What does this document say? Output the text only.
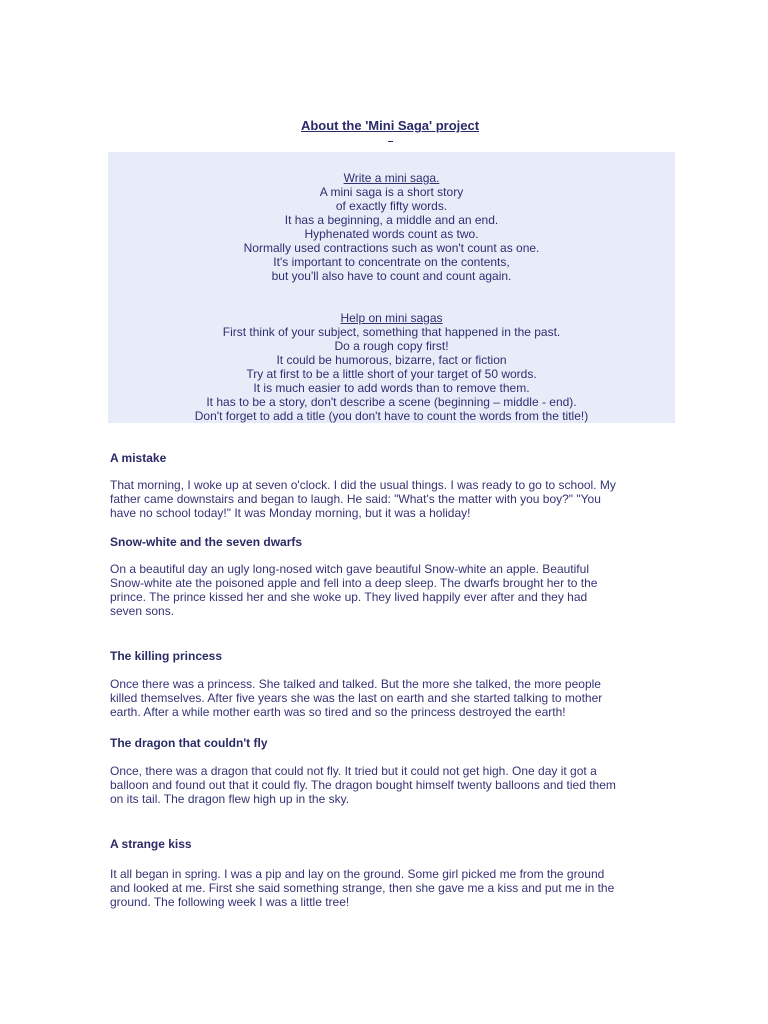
About the 'Mini Saga' project
Write a mini saga.
A mini saga is a short story
of exactly fifty words.
It has a beginning, a middle and an end.
Hyphenated words count as two.
Normally used contractions such as won't count as one.
It's important to concentrate on the contents,
but you'll also have to count and count again.
Help on mini sagas
First think of your subject, something that happened in the past.
Do a rough copy first!
It could be humorous, bizarre, fact or fiction
Try at first to be a little short of your target of 50 words.
It is much easier to add words than to remove them.
It has to be a story, don't describe a scene (beginning – middle - end).
Don't forget to add a title (you don't have to count the words from the title!)
A mistake
That morning, I woke up at seven o'clock. I did the usual things. I was ready to go to school. My
father came downstairs and began to laugh. He said: "What's the matter with you boy?" "You
have no school today!" It was Monday morning, but it was a holiday!
Snow-white and the seven dwarfs
On a beautiful day an ugly long-nosed witch gave beautiful Snow-white an apple. Beautiful
Snow-white ate the poisoned apple and fell into a deep sleep. The dwarfs brought her to the
prince. The prince kissed her and she woke up. They lived happily ever after and they had
seven sons.
The killing princess
Once there was a princess. She talked and talked. But the more she talked, the more people
killed themselves. After five years she was the last on earth and she started talking to mother
earth. After a while mother earth was so tired and so the princess destroyed the earth!
The dragon that couldn't fly
Once, there was a dragon that could not fly. It tried but it could not get high. One day it got a
balloon and found out that it could fly. The dragon bought himself twenty balloons and tied them
on its tail. The dragon flew high up in the sky.
A strange kiss
It all began in spring. I was a pip and lay on the ground. Some girl picked me from the ground
and looked at me. First she said something strange, then she gave me a kiss and put me in the
ground. The following week I was a little tree!
